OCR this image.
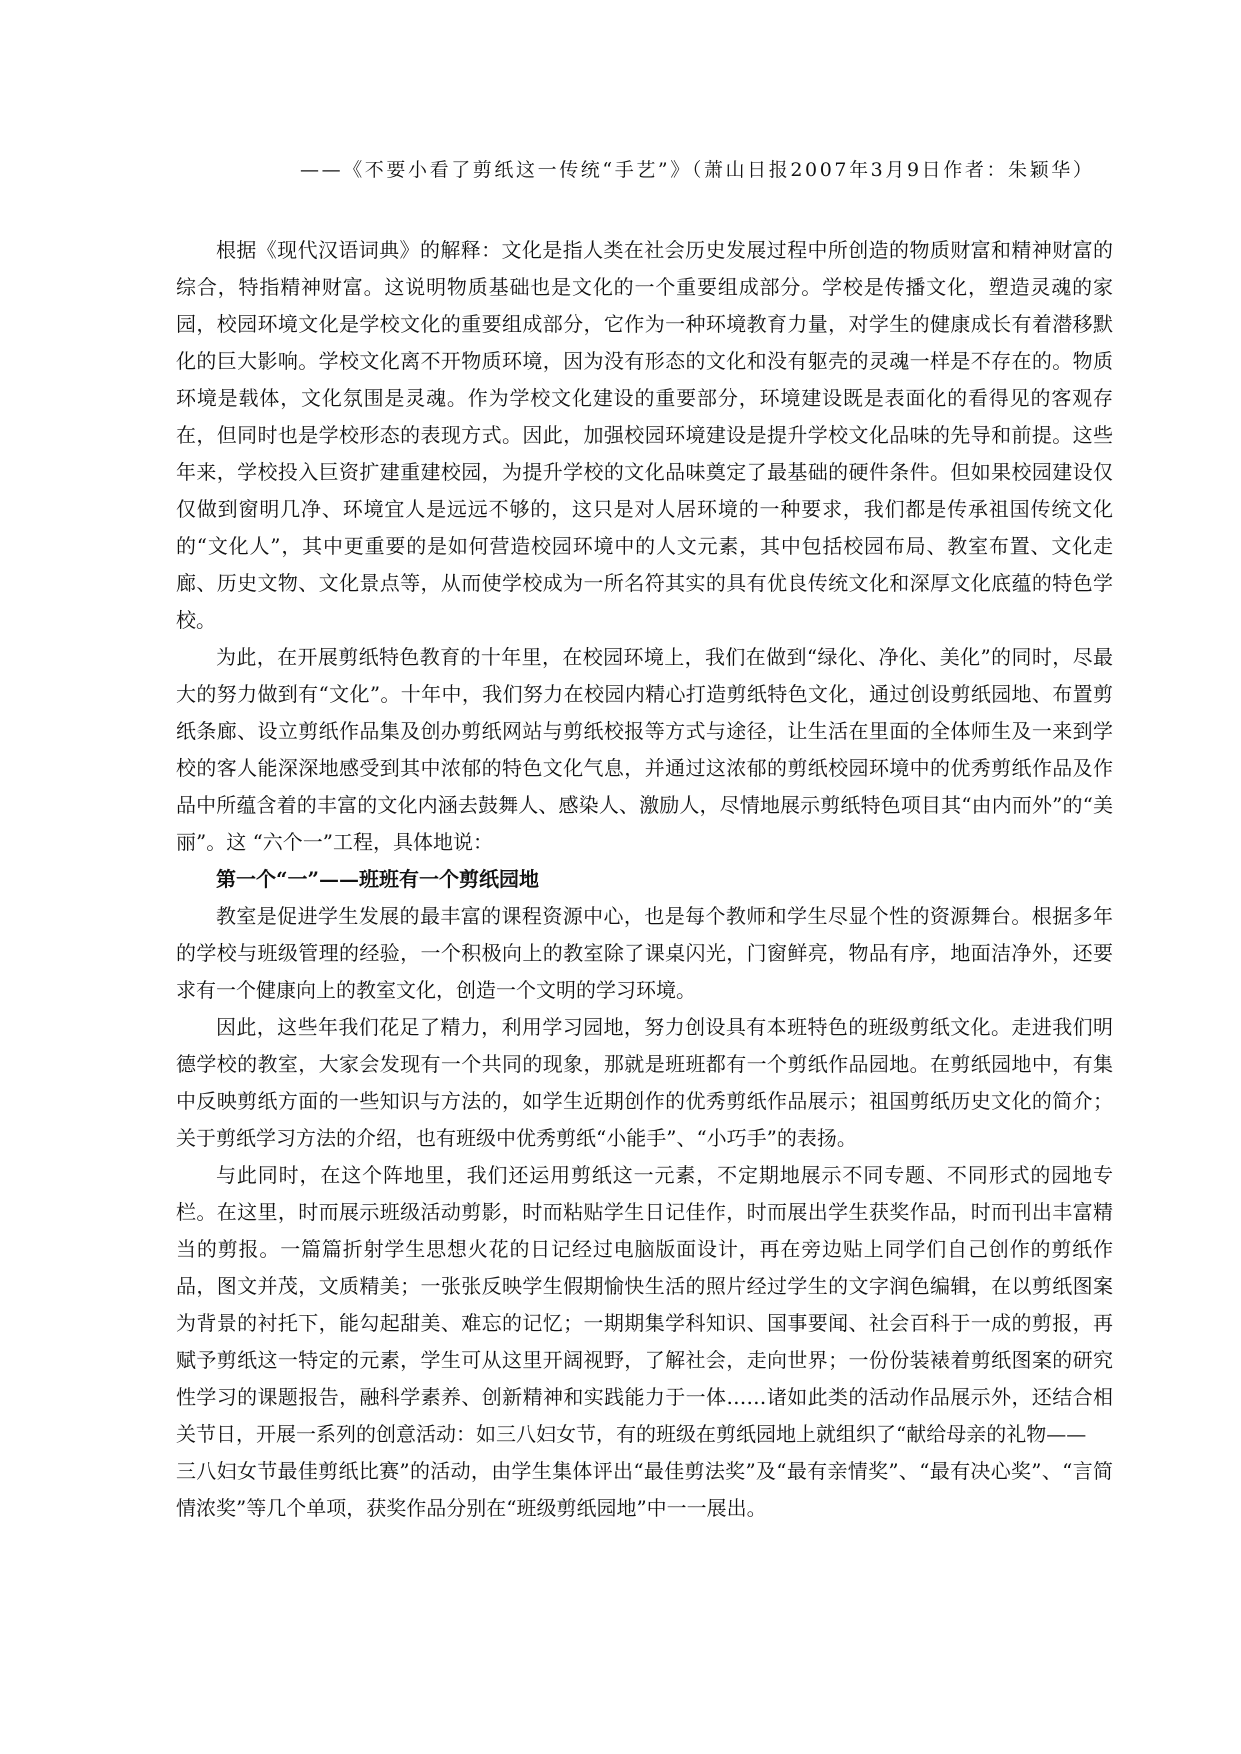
——《不要小看了剪纸这一传统“手艺”》（萧山日报2007年3月9日作者：朱颖华）

根据《现代汉语词典》的解释：文化是指人类在社会历史发展过程中所创造的物质财富和精神财富的综合，特指精神财富。这说明物质基础也是文化的一个重要组成部分。学校是传播文化，塑造灵魂的家园，校园环境文化是学校文化的重要组成部分，它作为一种环境教育力量，对学生的健康成长有着潜移默化的巨大影响。学校文化离不开物质环境，因为没有形态的文化和没有躯壳的灵魂一样是不存在的。物质环境是载体，文化氛围是灵魂。作为学校文化建设的重要部分，环境建设既是表面化的看得见的客观存在，但同时也是学校形态的表现方式。因此，加强校园环境建设是提升学校文化品味的先导和前提。这些年来，学校投入巨资扩建重建校园，为提升学校的文化品味奠定了最基础的硬件条件。但如果校园建设仅仅做到窗明几净、环境宜人是远远不够的，这只是对人居环境的一种要求，我们都是传承祖国传统文化的“文化人”，其中更重要的是如何营造校园环境中的人文元素，其中包括校园布局、教室布置、文化走廊、历史文物、文化景点等，从而使学校成为一所名符其实的具有优良传统文化和深厚文化底蕴的特色学校。

为此，在开展剪纸特色教育的十年里，在校园环境上，我们在做到“绿化、净化、美化”的同时，尽最大的努力做到有“文化”。十年中，我们努力在校园内精心打造剪纸特色文化，通过创设剪纸园地、布置剪纸条廊、设立剪纸作品集及创办剪纸网站与剪纸校报等方式与途径，让生活在里面的全体师生及一来到学校的客人能深深地感受到其中浓郁的特色文化气息，并通过这浓郁的剪纸校园环境中的优秀剪纸作品及作品中所蕴含着的丰富的文化内涵去鼓舞人、感染人、激励人，尽情地展示剪纸特色项目其“由内而外”的“美丽”。这 “六个一”工程，具体地说：

第一个“一”——班班有一个剪纸园地

教室是促进学生发展的最丰富的课程资源中心，也是每个教师和学生尽显个性的资源舞台。根据多年的学校与班级管理的经验，一个积极向上的教室除了课桌闪光，门窗鲜亮，物品有序，地面洁净外，还要求有一个健康向上的教室文化，创造一个文明的学习环境。

因此，这些年我们花足了精力，利用学习园地，努力创设具有本班特色的班级剪纸文化。走进我们明德学校的教室，大家会发现有一个共同的现象，那就是班班都有一个剪纸作品园地。在剪纸园地中，有集中反映剪纸方面的一些知识与方法的，如学生近期创作的优秀剪纸作品展示；祖国剪纸历史文化的简介；关于剪纸学习方法的介绍，也有班级中优秀剪纸“小能手”、“小巧手”的表扬。

与此同时，在这个阵地里，我们还运用剪纸这一元素，不定期地展示不同专题、不同形式的园地专栏。在这里，时而展示班级活动剪影，时而粘贴学生日记佳作，时而展出学生获奖作品，时而刊出丰富精当的剪报。一篇篇折射学生思想火花的日记经过电脑版面设计，再在旁边贴上同学们自己创作的剪纸作品，图文并茂，文质精美；一张张反映学生假期愉快生活的照片经过学生的文字润色编辑，在以剪纸图案为背景的衬托下，能勾起甜美、难忘的记忆；一期期集学科知识、国事要闻、社会百科于一成的剪报，再赋予剪纸这一特定的元素，学生可从这里开阔视野，了解社会，走向世界；一份份装裱着剪纸图案的研究性学习的课题报告，融科学素养、创新精神和实践能力于一体……诸如此类的活动作品展示外，还结合相关节日，开展一系列的创意活动：如三八妇女节，有的班级在剪纸园地上就组织了“献给母亲的礼物——

三八妇女节最佳剪纸比赛”的活动，由学生集体评出“最佳剪法奖”及“最有亲情奖”、“最有决心奖”、“言简情浓奖”等几个单项，获奖作品分别在“班级剪纸园地”中一一展出。
